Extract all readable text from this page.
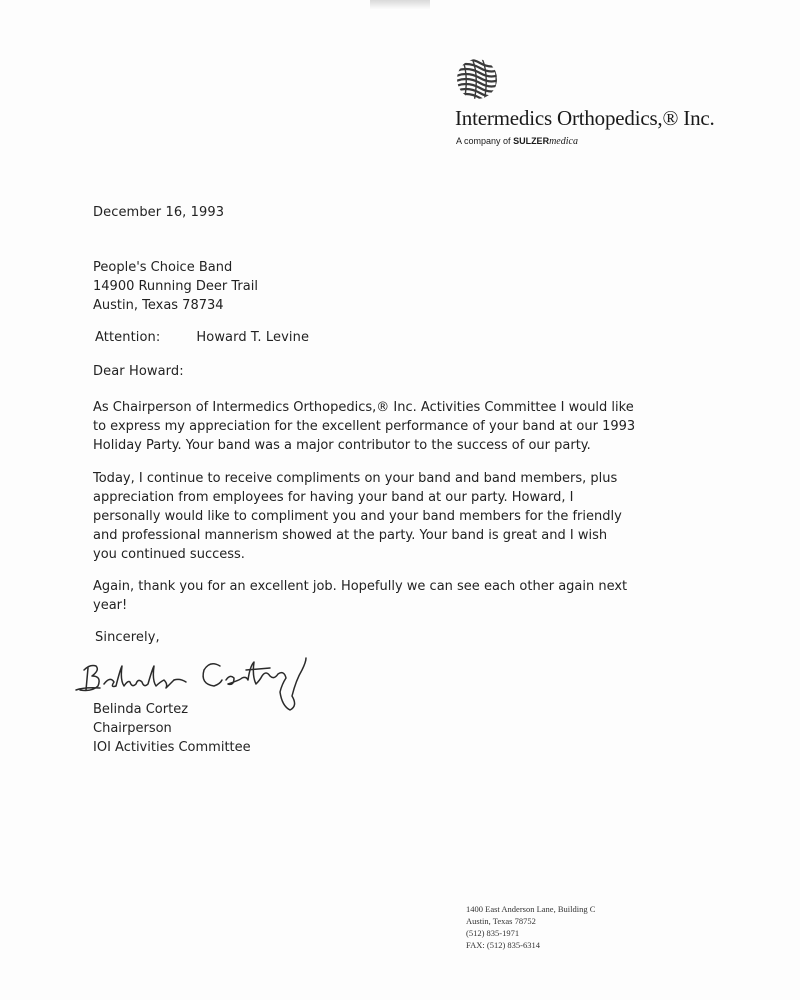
Intermedics Orthopedics,® Inc.
A company of SULZERmedica
December 16, 1993
People's Choice Band
14900 Running Deer Trail
Austin, Texas 78734
Attention:	Howard T. Levine
Dear Howard:
As Chairperson of Intermedics Orthopedics,® Inc. Activities Committee I would like
to express my appreciation for the excellent performance of your band at our 1993
Holiday Party. Your band was a major contributor to the success of our party.
Today, I continue to receive compliments on your band and band members, plus
appreciation from employees for having your band at our party. Howard, I
personally would like to compliment you and your band members for the friendly
and professional mannerism showed at the party. Your band is great and I wish
you continued success.
Again, thank you for an excellent job. Hopefully we can see each other again next
year!
Sincerely,
Belinda Cortez
Chairperson
IOI Activities Committee
1400 East Anderson Lane, Building C
Austin, Texas 78752
(512) 835-1971
FAX: (512) 835-6314
